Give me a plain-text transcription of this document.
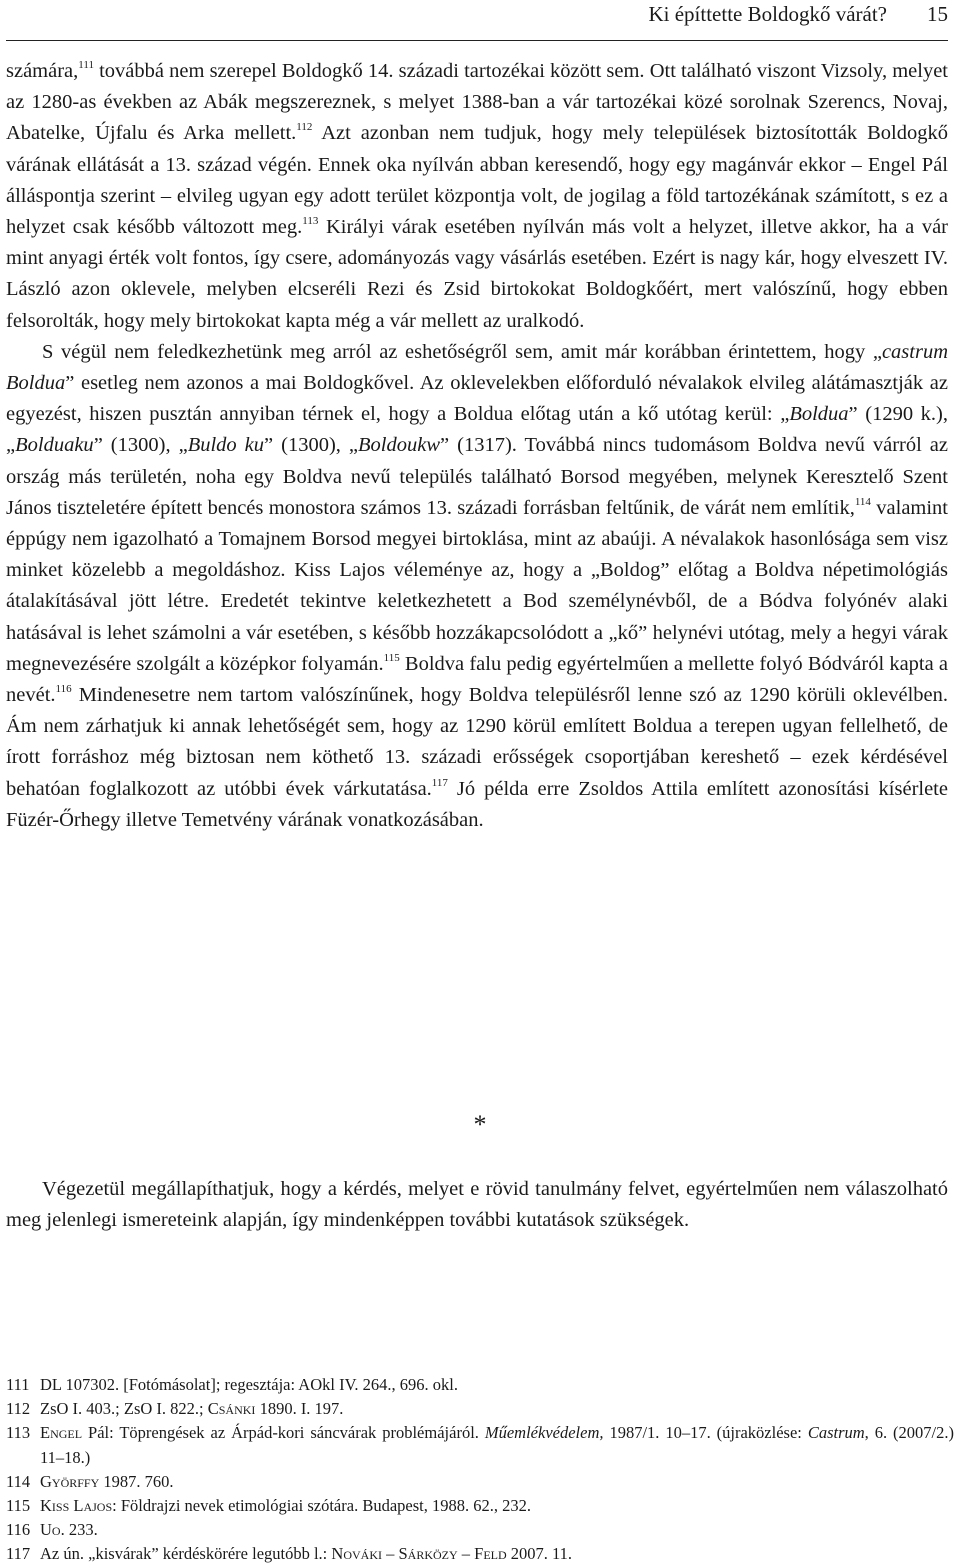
Ki építtette Boldogkő várát? 15

számára,$^{111}$ továbbá nem szerepel Boldogkő 14. századi tartozékai között sem. Ott található viszont Vizsoly, melyet az 1280-as években az Abák megszereznek, s melyet 1388-ban a vár tartozékai közé sorolnak Szerencs, Novaj, Abatelke, Újfalu és Arka mellett.$^{112}$ Azt azonban nem tudjuk, hogy mely települések biztosították Boldogkő várának ellátását a 13. század végén. Ennek oka nyílván abban keresendő, hogy egy magánvár ekkor – Engel Pál álláspontja szerint – elvileg ugyan egy adott terület központja volt, de jogilag a föld tartozékának számított, s ez a helyzet csak később változott meg.$^{113}$ Királyi várak esetében nyílván más volt a helyzet, illetve akkor, ha a vár mint anyagi érték volt fontos, így csere, adományozás vagy vásárlás esetében. Ezért is nagy kár, hogy elveszett IV. László azon oklevele, melyben elcseréli Rezi és Zsid birtokokat Boldogkőért, mert valószínű, hogy ebben felsorolták, hogy mely birtokokat kapta még a vár mellett az uralkodó.

S végül nem feledkezhetünk meg arról az eshetőségről sem, amit már korábban érintettem, hogy „castrum Boldua” esetleg nem azonos a mai Boldogkővel. Az oklevelekben előforduló névalakok elvileg alátámasztják az egyezést, hiszen pusztán annyiban térnek el, hogy a Boldua előtag után a kő utótag kerül: „Boldua” (1290 k.), „Bolduaku” (1300), „Buldo ku” (1300), „Boldoukw” (1317). Továbbá nincs tudomásom Boldva nevű várról az ország más területén, noha egy Boldva nevű település található Borsod megyében, melynek Keresztelő Szent János tiszteletére épített bencés monostora számos 13. századi forrásban feltűnik, de várát nem említik,$^{114}$ valamint éppúgy nem igazolható a Tomajnem Borsod megyei birtoklása, mint az abaúji. A névalakok hasonlósága sem visz minket közelebb a megoldáshoz. Kiss Lajos véleménye az, hogy a „Boldog” előtag a Boldva népetimológiás átalakításával jött létre. Eredetét tekintve keletkezhetett a Bod személynévből, de a Bódva folyónév alaki hatásával is lehet számolni a vár esetében, s később hozzákapcsolódott a „kő” helynévi utótag, mely a hegyi várak megnevezésére szolgált a középkor folyamán.$^{115}$ Boldva falu pedig egyértelműen a mellette folyó Bódváról kapta a nevét.$^{116}$ Mindenesetre nem tartom valószínűnek, hogy Boldva településről lenne szó az 1290 körüli oklevélben. Ám nem zárhatjuk ki annak lehetőségét sem, hogy az 1290 körül említett Boldua a terepen ugyan fellelhető, de írott forráshoz még biztosan nem köthető 13. századi erősségek csoportjában kereshető – ezek kérdésével behatóan foglalkozott az utóbbi évek várkutatása.$^{117}$ Jó példa erre Zsoldos Attila említett azonosítási kísérlete Füzér-Őrhegy illetve Temetvény várának vonatkozásában.

*
Végezetül megállapíthatjuk, hogy a kérdés, melyet e rövid tanulmány felvet, egyértelműen nem válaszolható meg jelenlegi ismereteink alapján, így mindenképpen további kutatások szükségek.
111 DL 107302. [Fotómásolat]; regesztája: AOkl IV. 264., 696. okl.
112 ZsO I. 403.; ZsO I. 822.; Csánki 1890. I. 197.
113 Engel Pál: Töprengések az Árpád-kori sáncvárak problémájáról. Műemlékvédelem, 1987/1. 10–17. (újraközlése: Castrum, 6. (2007/2.) 11–18.)
114 Györffy 1987. 760.
115 Kiss Lajos: Földrajzi nevek etimológiai szótára. Budapest, 1988. 62., 232.
116 Uo. 233.
117 Az ún. „kisvárak” kérdéskörére legutóbb l.: Nováki – Sárközy – Feld 2007. 11.
